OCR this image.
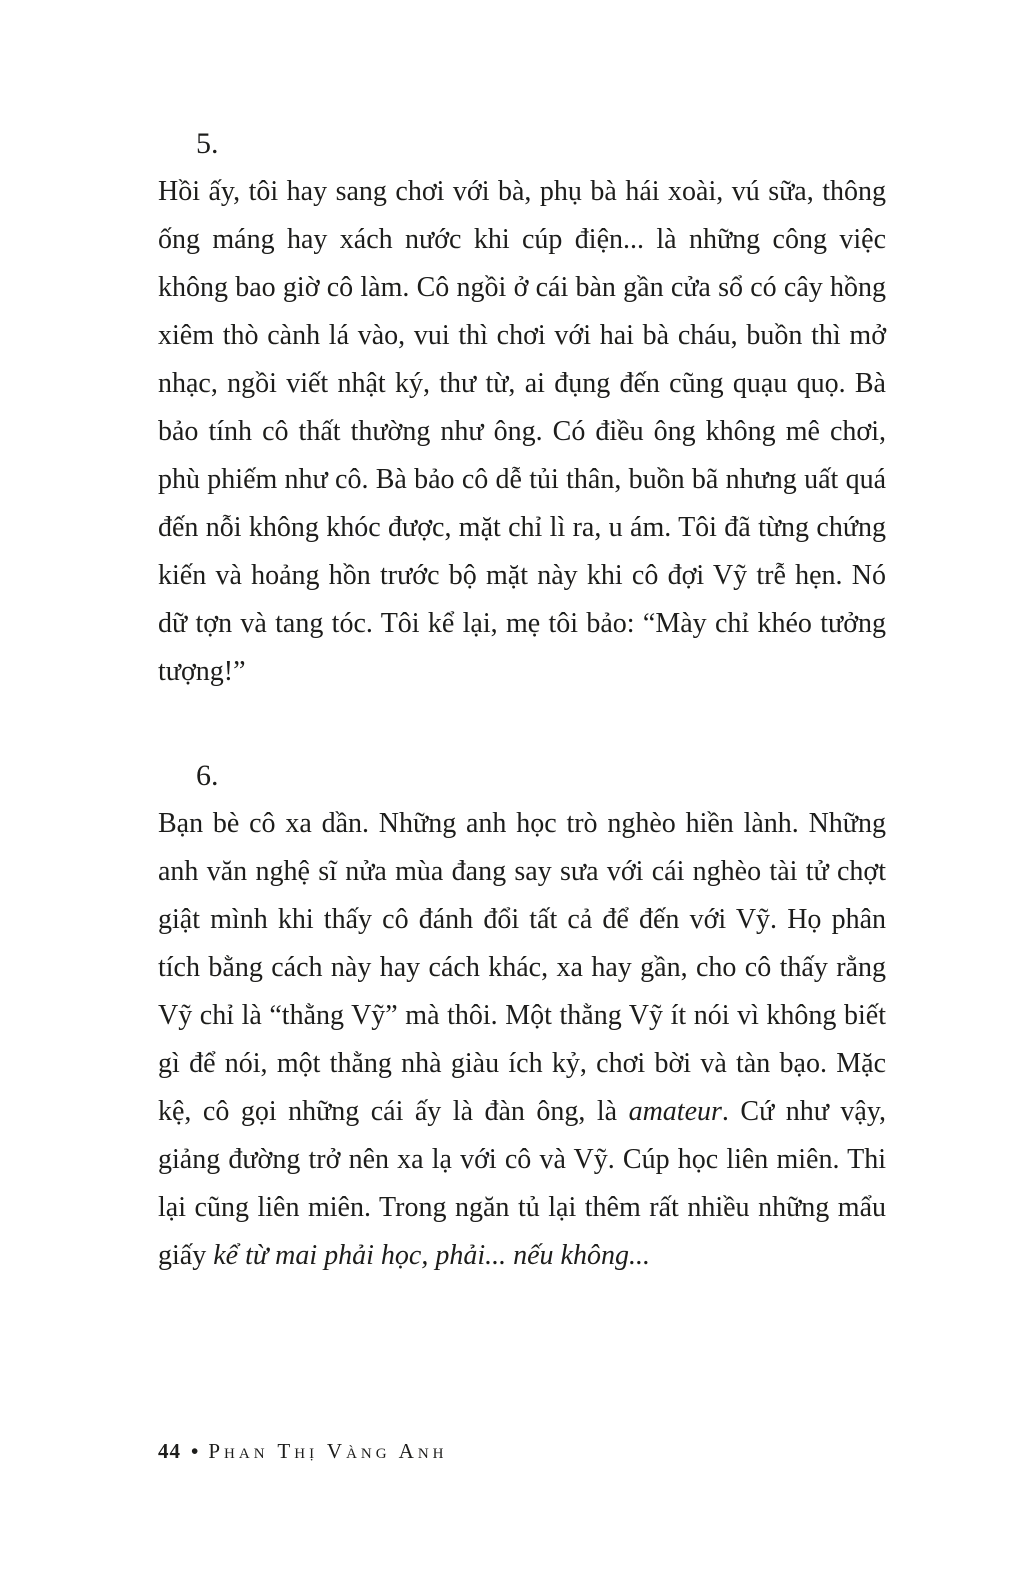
5.

Hồi ấy, tôi hay sang chơi với bà, phụ bà hái xoài, vú sữa, thông ống máng hay xách nước khi cúp điện... là những công việc không bao giờ cô làm. Cô ngồi ở cái bàn gần cửa sổ có cây hồng xiêm thò cành lá vào, vui thì chơi với hai bà cháu, buồn thì mở nhạc, ngồi viết nhật ký, thư từ, ai đụng đến cũng quạu quọ. Bà bảo tính cô thất thường như ông. Có điều ông không mê chơi, phù phiếm như cô. Bà bảo cô dễ tủi thân, buồn bã nhưng uất quá đến nỗi không khóc được, mặt chỉ lì ra, u ám. Tôi đã từng chứng kiến và hoảng hồn trước bộ mặt này khi cô đợi Vỹ trễ hẹn. Nó dữ tợn và tang tóc. Tôi kể lại, mẹ tôi bảo: “Mày chỉ khéo tưởng tượng!”

6.

Bạn bè cô xa dần. Những anh học trò nghèo hiền lành. Những anh văn nghệ sĩ nửa mùa đang say sưa với cái nghèo tài tử chợt giật mình khi thấy cô đánh đổi tất cả để đến với Vỹ. Họ phân tích bằng cách này hay cách khác, xa hay gần, cho cô thấy rằng Vỹ chỉ là “thằng Vỹ” mà thôi. Một thằng Vỹ ít nói vì không biết gì để nói, một thằng nhà giàu ích kỷ, chơi bời và tàn bạo. Mặc kệ, cô gọi những cái ấy là đàn ông, là amateur. Cứ như vậy, giảng đường trở nên xa lạ với cô và Vỹ. Cúp học liên miên. Thi lại cũng liên miên. Trong ngăn tủ lại thêm rất nhiều những mẩu giấy kể từ mai phải học, phải... nếu không...

44 • Phan Thị Vàng Anh
